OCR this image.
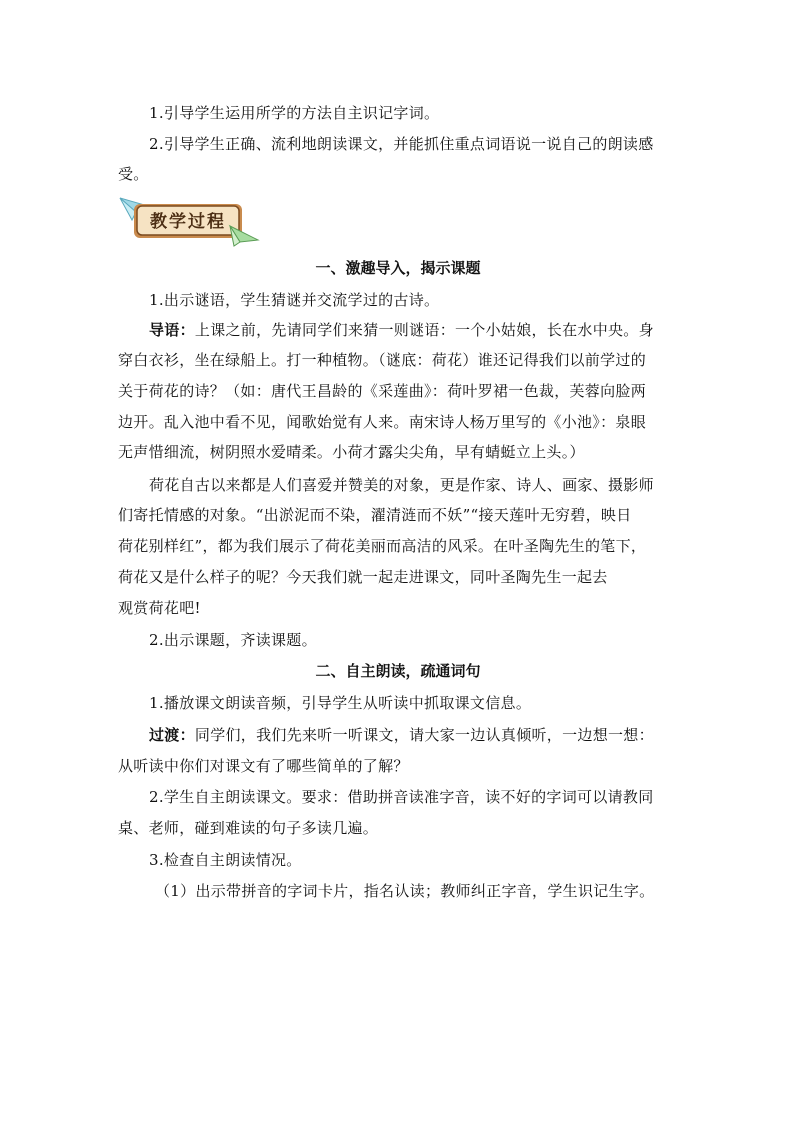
1.引导学生运用所学的方法自主识记字词。
2.引导学生正确、流利地朗读课文，并能抓住重点词语说一说自己的朗读感
受。
教学过程
一、激趣导入，揭示课题
1.出示谜语，学生猜谜并交流学过的古诗。
导语：上课之前，先请同学们来猜一则谜语：一个小姑娘，长在水中央。身
穿白衣衫，坐在绿船上。打一种植物。（谜底：荷花）谁还记得我们以前学过的
关于荷花的诗？（如：唐代王昌龄的《采莲曲》：荷叶罗裙一色裁，芙蓉向脸两
边开。乱入池中看不见，闻歌始觉有人来。南宋诗人杨万里写的《小池》：泉眼
无声惜细流，树阴照水爱晴柔。小荷才露尖尖角，早有蜻蜓立上头。）
荷花自古以来都是人们喜爱并赞美的对象，更是作家、诗人、画家、摄影师
们寄托情感的对象。“出淤泥而不染，濯清涟而不妖”“接天莲叶无穷碧，映日
荷花别样红”，都为我们展示了荷花美丽而高洁的风采。在叶圣陶先生的笔下，
荷花又是什么样子的呢？今天我们就一起走进课文，同叶圣陶先生一起去
观赏荷花吧!
2.出示课题，齐读课题。
二、自主朗读，疏通词句
1.播放课文朗读音频，引导学生从听读中抓取课文信息。
过渡：同学们，我们先来听一听课文，请大家一边认真倾听，一边想一想：
从听读中你们对课文有了哪些简单的了解？
2.学生自主朗读课文。要求：借助拼音读准字音，读不好的字词可以请教同
桌、老师，碰到难读的句子多读几遍。
3.检查自主朗读情况。
（1）出示带拼音的字词卡片，指名认读；教师纠正字音，学生识记生字。
